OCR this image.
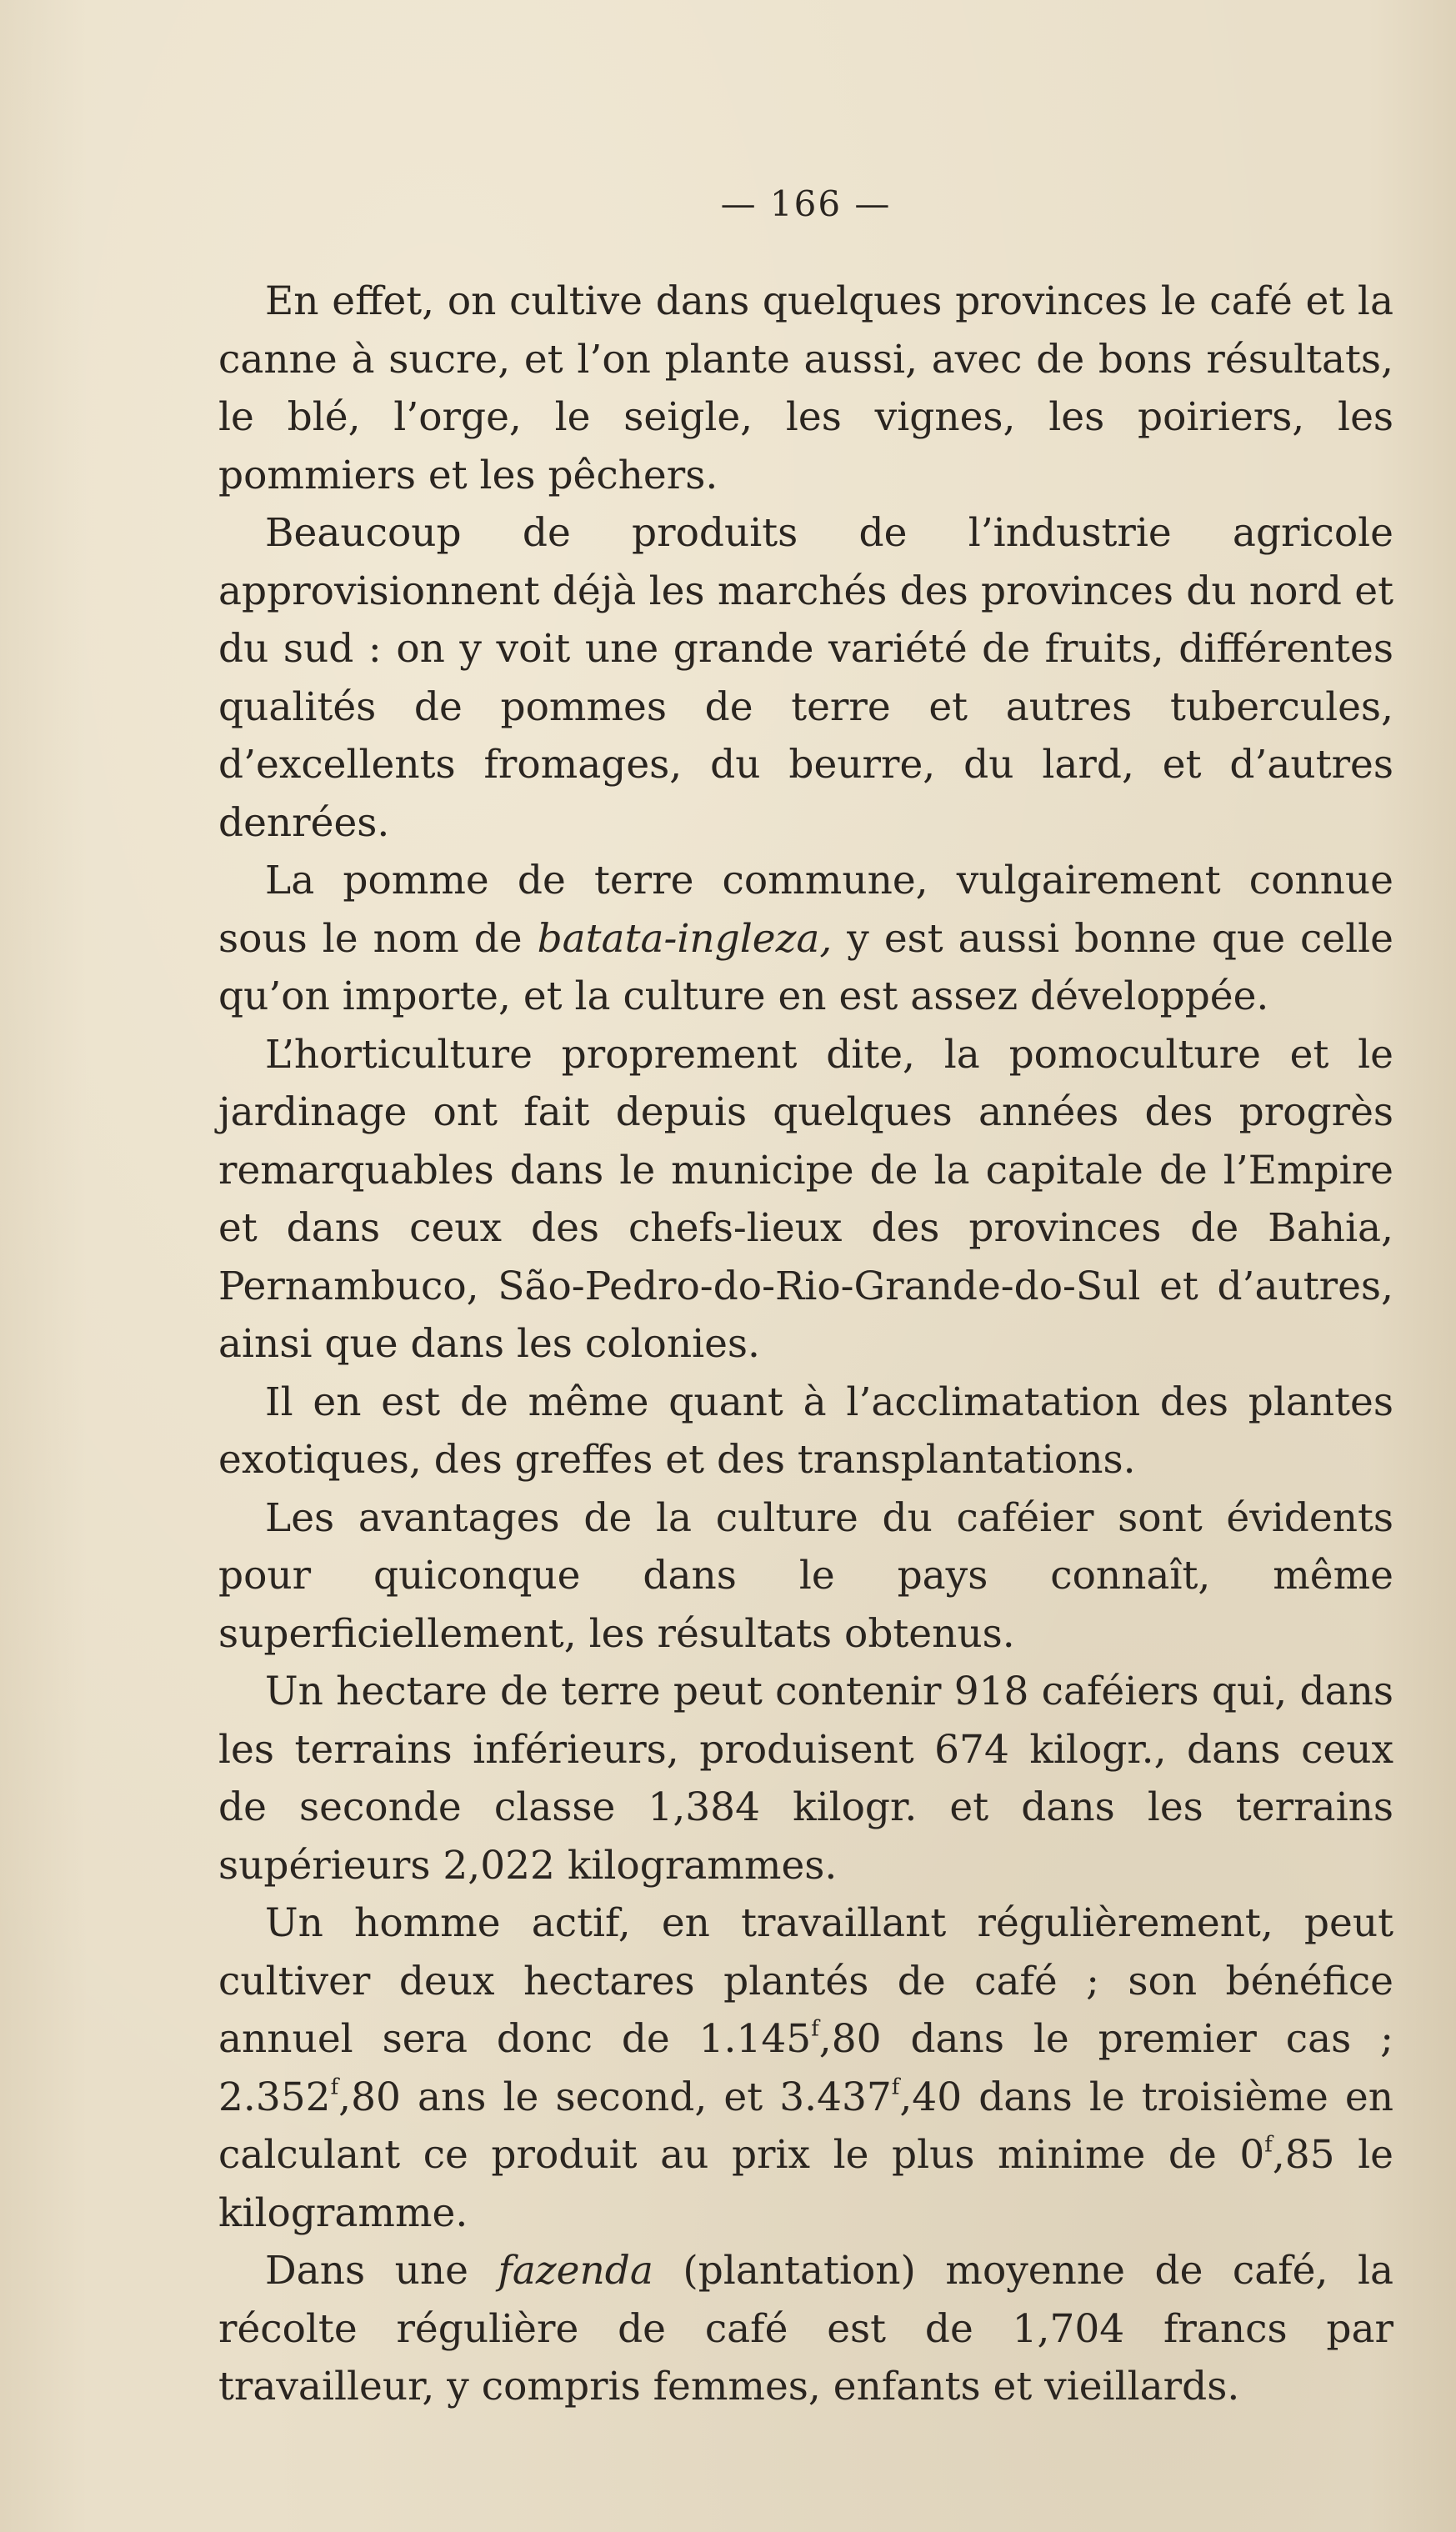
— 166 —

En effet, on cultive dans quelques provinces le café et la canne à sucre, et l’on plante aussi, avec de bons résultats, le blé, l’orge, le seigle, les vignes, les poiriers, les pommiers et les pêchers.

Beaucoup de produits de l’industrie agricole approvisionnent déjà les marchés des provinces du nord et du sud : on y voit une grande variété de fruits, différentes qualités de pommes de terre et autres tubercules, d’excellents fromages, du beurre, du lard, et d’autres denrées.

La pomme de terre commune, vulgairement connue sous le nom de batata-ingleza, y est aussi bonne que celle qu’on importe, et la culture en est assez développée.

L’horticulture proprement dite, la pomoculture et le jardinage ont fait depuis quelques années des progrès remarquables dans le municipe de la capitale de l’Empire et dans ceux des chefs-lieux des provinces de Bahia, Pernambuco, São-Pedro-do-Rio-Grande-do-Sul et d’autres, ainsi que dans les colonies.

Il en est de même quant à l’acclimatation des plantes exotiques, des greffes et des transplantations.

Les avantages de la culture du caféier sont évidents pour quiconque dans le pays connaît, même superficiellement, les résultats obtenus.

Un hectare de terre peut contenir 918 caféiers qui, dans les terrains inférieurs, produisent 674 kilogr., dans ceux de seconde classe 1,384 kilogr. et dans les terrains supérieurs 2,022 kilogrammes.

Un homme actif, en travaillant régulièrement, peut cultiver deux hectares plantés de café ; son bénéfice annuel sera donc de 1.145$^f$,80 dans le premier cas ; 2.352$^f$,80 ans le second, et 3.437$^f$,40 dans le troisième en calculant ce produit au prix le plus minime de 0$^f$,85 le kilogramme.

Dans une fazenda (plantation) moyenne de café, la récolte régulière de café est de 1,704 francs par travailleur, y compris femmes, enfants et vieillards.
